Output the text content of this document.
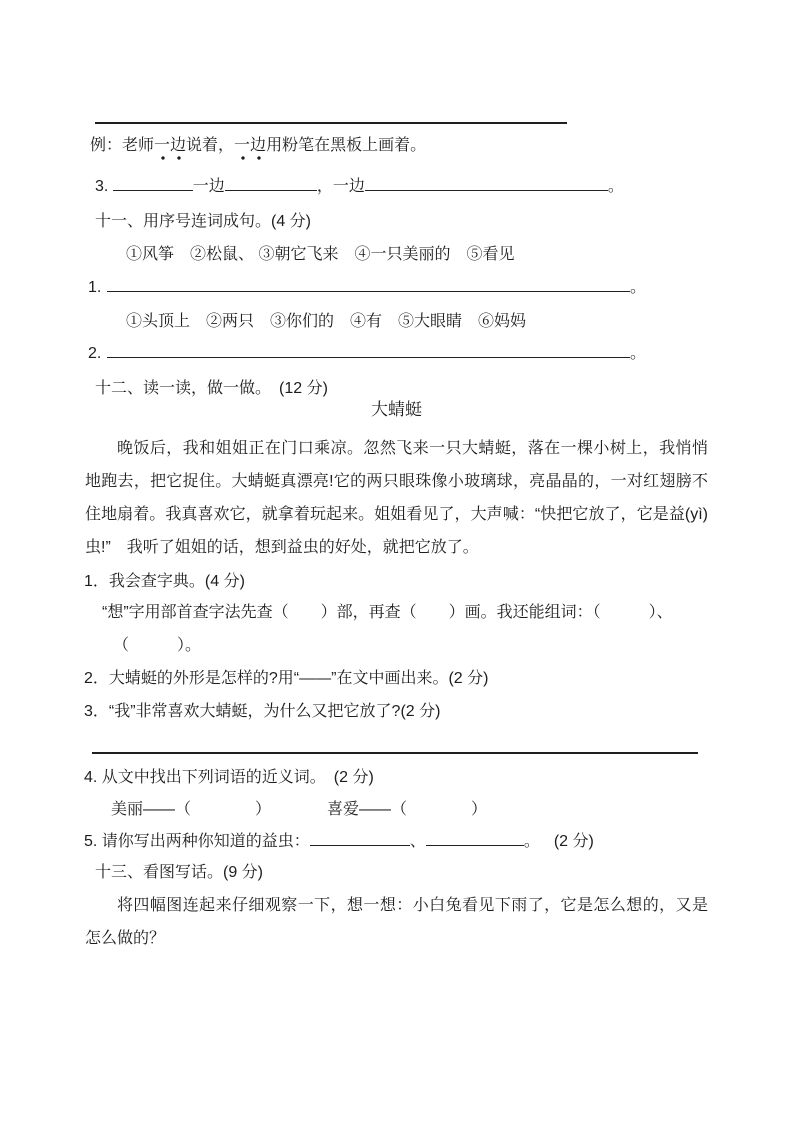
例：老师一边说着，一边用粉笔在黑板上画着。
3.	一边	，一边	。
十一、用序号连词成句。(4 分)
①风筝　②松鼠、 ③朝它飞来　④一只美丽的　⑤看见
1.	。
①头顶上　②两只　③你们的　④有　⑤大眼睛　⑥妈妈
2.	。
十二、读一读，做一做。　(12 分)
大蜻蜓
晚饭后，我和姐姐正在门口乘凉。忽然飞来一只大蜻蜓，落在一棵小树上，我悄悄地跑去，把它捉住。大蜻蜓真漂亮!它的两只眼珠像小玻璃球，亮晶晶的，一对红翅膀不住地扇着。我真喜欢它，就拿着玩起来。姐姐看见了，大声喊：“快把它放了，它是益(yì)虫!”　我听了姐姐的话，想到益虫的好处，就把它放了。
1．我会查字典。(4 分)
“想”字用部首查字法先查（　　）部，再查（　　）画。我还能组词：（　　　）、
（　　　）。
2．大蜻蜓的外形是怎样的?用“——”在文中画出来。(2 分)
3．“我”非常喜欢大蜻蜓，为什么又把它放了?(2 分)
4. 从文中找出下列词语的近义词。　(2 分)
美丽——（　　　　）	喜爱——（　　　　）
5. 请你写出两种你知道的益虫：	、	。 (2 分)
十三、看图写话。(9 分)
将四幅图连起来仔细观察一下，想一想：小白兔看见下雨了，它是怎么想的，又是怎么做的？
